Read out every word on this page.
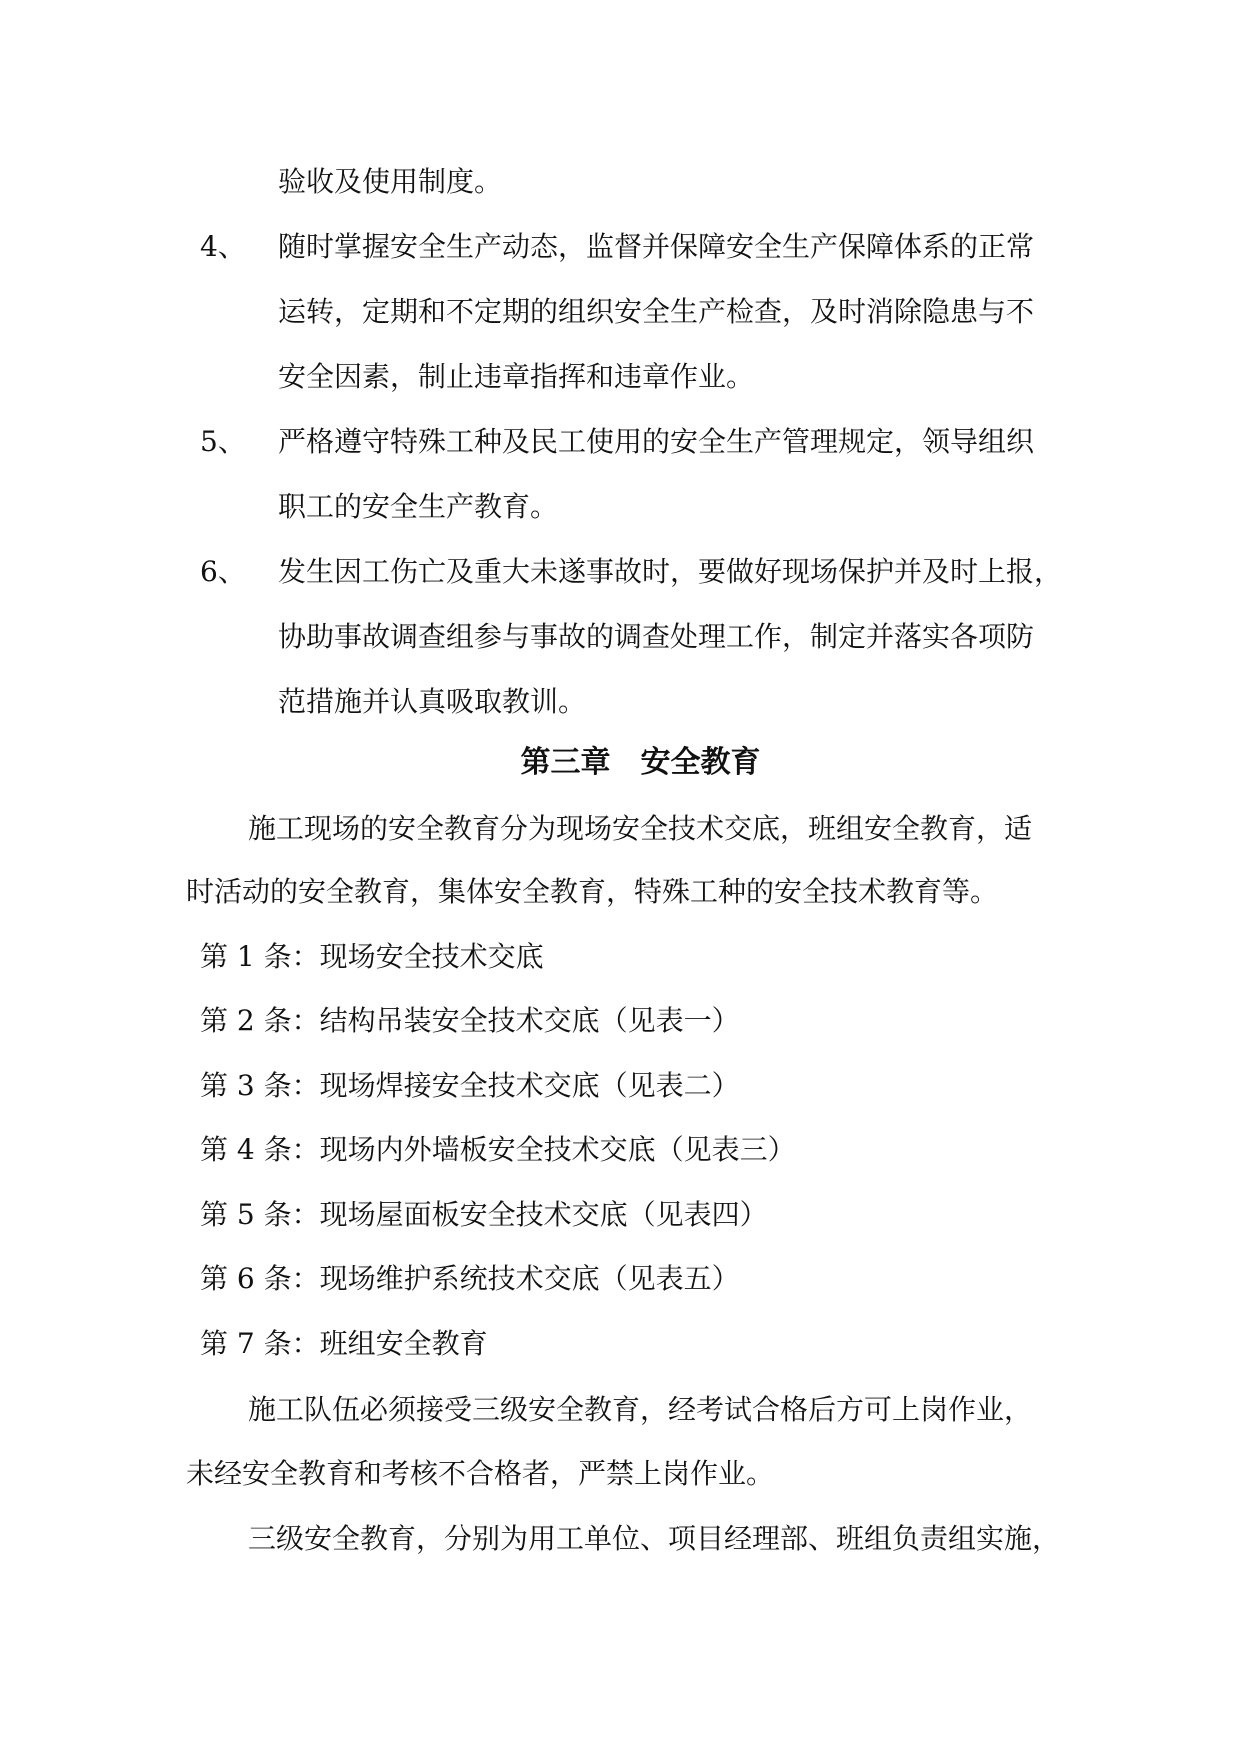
验收及使用制度。
4、 随时掌握安全生产动态，监督并保障安全生产保障体系的正常
运转，定期和不定期的组织安全生产检查，及时消除隐患与不
安全因素，制止违章指挥和违章作业。
5、 严格遵守特殊工种及民工使用的安全生产管理规定，领导组织
职工的安全生产教育。
6、 发生因工伤亡及重大未遂事故时，要做好现场保护并及时上报，
协助事故调查组参与事故的调查处理工作，制定并落实各项防
范措施并认真吸取教训。
第三章　安全教育
施工现场的安全教育分为现场安全技术交底，班组安全教育，适
时活动的安全教育，集体安全教育，特殊工种的安全技术教育等。
第 1 条：现场安全技术交底
第 2 条：结构吊装安全技术交底（见表一）
第 3 条：现场焊接安全技术交底（见表二）
第 4 条：现场内外墙板安全技术交底（见表三）
第 5 条：现场屋面板安全技术交底（见表四）
第 6 条：现场维护系统技术交底（见表五）
第 7 条：班组安全教育
施工队伍必须接受三级安全教育，经考试合格后方可上岗作业，
未经安全教育和考核不合格者，严禁上岗作业。
三级安全教育，分别为用工单位、项目经理部、班组负责组实施，
